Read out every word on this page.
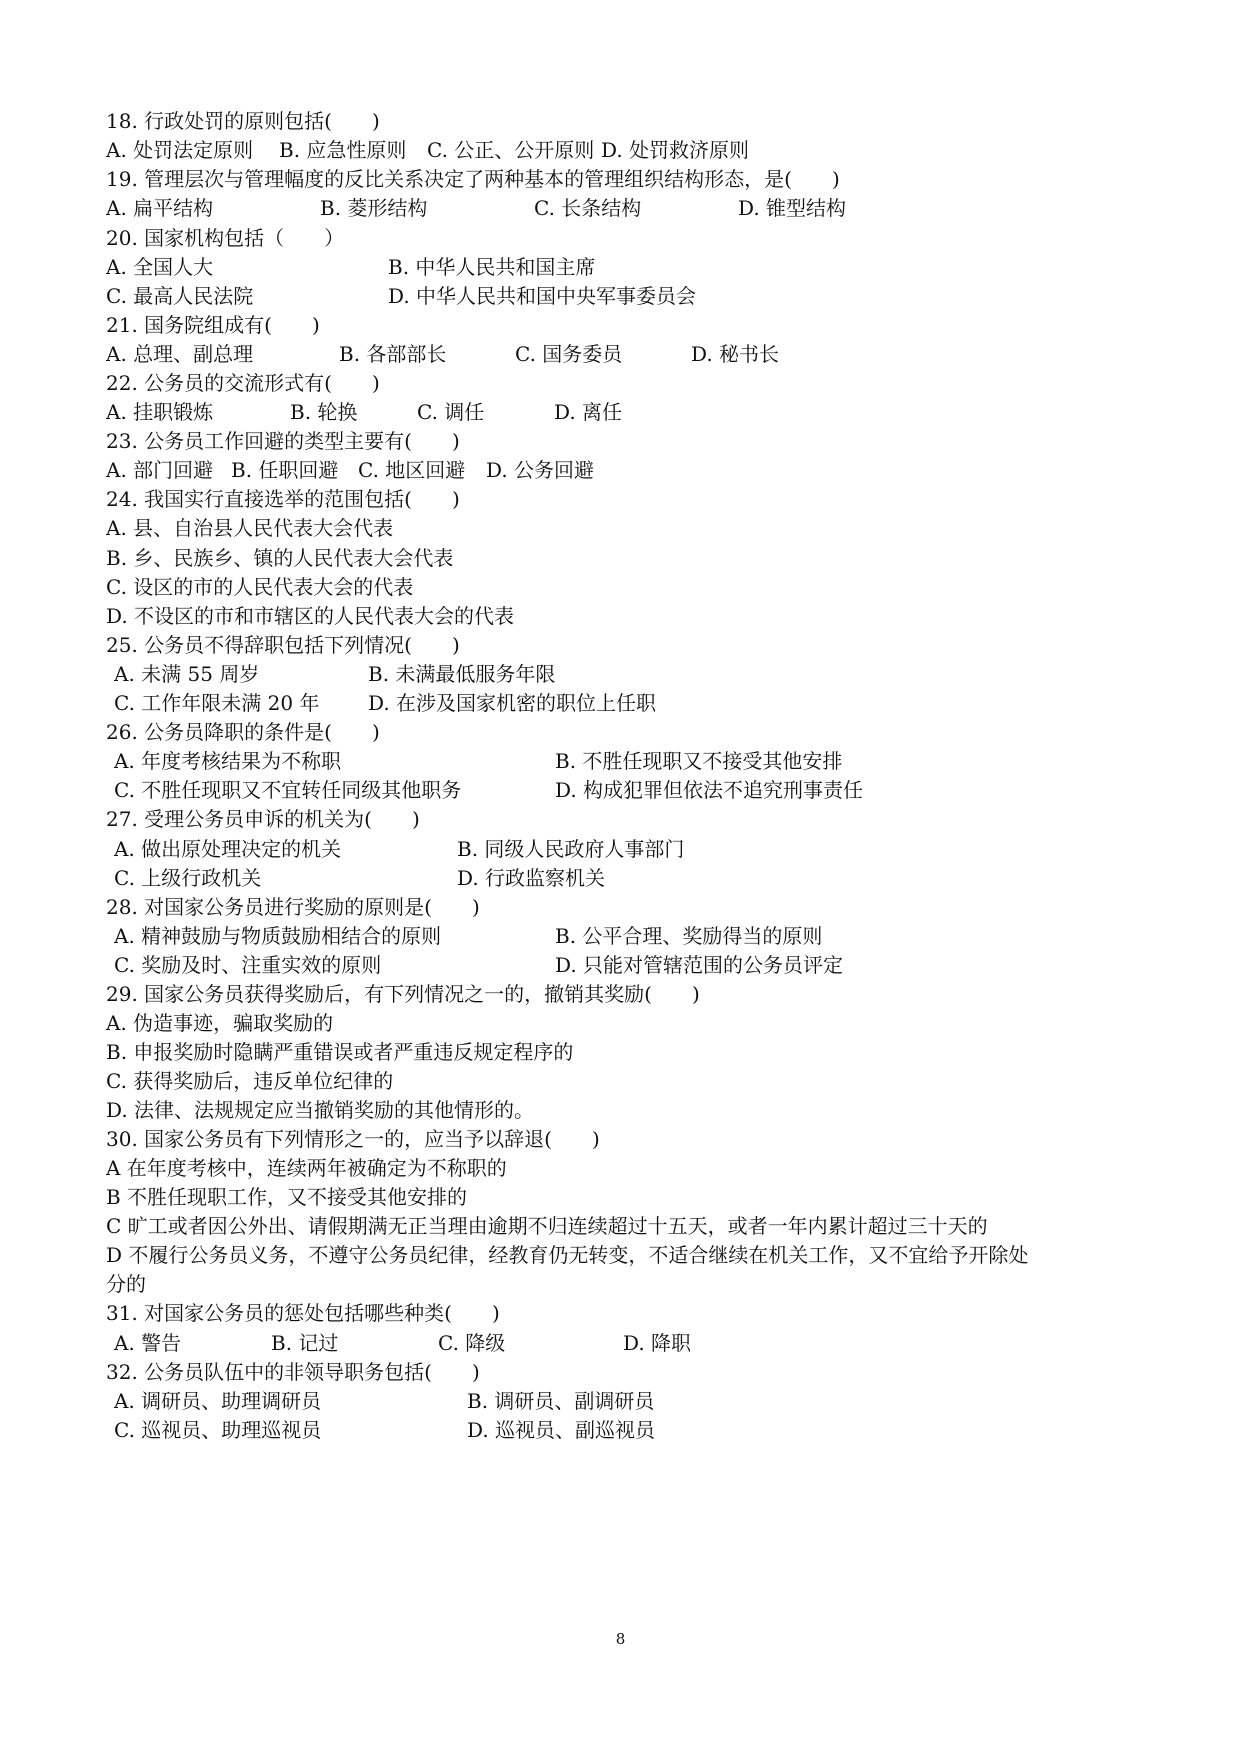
18. 行政处罚的原则包括(　　)
A. 处罚法定原则 B. 应急性原则 C. 公正、公开原则 D. 处罚救济原则
19. 管理层次与管理幅度的反比关系决定了两种基本的管理组织结构形态，是(　　)
A. 扁平结构	B. 菱形结构	C. 长条结构	D. 锥型结构
20. 国家机构包括（　　）
A. 全国人大	B. 中华人民共和国主席
C. 最高人民法院	D. 中华人民共和国中央军事委员会
21. 国务院组成有(　　)
A. 总理、副总理	B. 各部部长	C. 国务委员	D. 秘书长
22. 公务员的交流形式有(　　)
A. 挂职锻炼	B. 轮换	C. 调任	D. 离任
23. 公务员工作回避的类型主要有(　　)
A. 部门回避 B. 任职回避 C. 地区回避 D. 公务回避
24. 我国实行直接选举的范围包括(　　)
A. 县、自治县人民代表大会代表
B. 乡、民族乡、镇的人民代表大会代表
C. 设区的市的人民代表大会的代表
D. 不设区的市和市辖区的人民代表大会的代表
25. 公务员不得辞职包括下列情况(　　)
A. 未满 55 周岁	B. 未满最低服务年限
C. 工作年限未满 20 年 D. 在涉及国家机密的职位上任职
26. 公务员降职的条件是(　　)
A. 年度考核结果为不称职	B. 不胜任现职又不接受其他安排
C. 不胜任现职又不宜转任同级其他职务	D. 构成犯罪但依法不追究刑事责任
27. 受理公务员申诉的机关为(　　)
A. 做出原处理决定的机关	B. 同级人民政府人事部门
C. 上级行政机关	D. 行政监察机关
28. 对国家公务员进行奖励的原则是(　　)
A. 精神鼓励与物质鼓励相结合的原则	B. 公平合理、奖励得当的原则
C. 奖励及时、注重实效的原则	D. 只能对管辖范围的公务员评定
29. 国家公务员获得奖励后，有下列情况之一的，撤销其奖励(　　)
A. 伪造事迹，骗取奖励的
B. 申报奖励时隐瞒严重错误或者严重违反规定程序的
C. 获得奖励后，违反单位纪律的
D. 法律、法规规定应当撤销奖励的其他情形的。
30. 国家公务员有下列情形之一的，应当予以辞退(　　)
A 在年度考核中，连续两年被确定为不称职的
B 不胜任现职工作，又不接受其他安排的
C 旷工或者因公外出、请假期满无正当理由逾期不归连续超过十五天，或者一年内累计超过三十天的
D 不履行公务员义务，不遵守公务员纪律，经教育仍无转变，不适合继续在机关工作，又不宜给予开除处
分的
31. 对国家公务员的惩处包括哪些种类(　　)
A. 警告	B. 记过	C. 降级	D. 降职
32. 公务员队伍中的非领导职务包括(　　)
A. 调研员、助理调研员	B. 调研员、副调研员
C. 巡视员、助理巡视员	D. 巡视员、副巡视员
8
